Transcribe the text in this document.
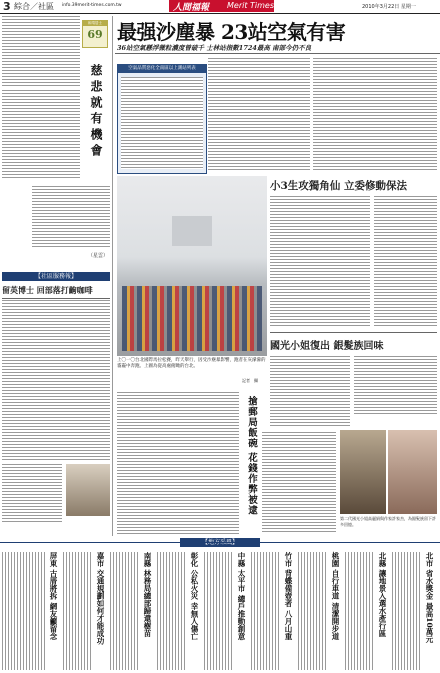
3 綜合／社區 info.39merit-times.com.tw	人間福報 Merit Times	2010年3月22日 星期一
和靖居士
69
慈悲就有機會
（星雲）
【社區服務報】
留英博士 回部落打齣咖啡
最强沙塵暴 23站空氣有害
36站空氣懸浮微粒濃度曾破千 士林站指數1724最高 南部今仍不良
空氣品質惡化全南區以上測站列表
上〇一〇台北國際馬拉松賽，昨天舉行，因受沙塵暴影響，跑者在灰濛濛的霧霾中奔跑。上圖為從高處俯瞰的台北。
記者　攝
小3生攻獨角仙 立委修動保法
國光小姐復出 銀髮族回味
第二代國光小姐高麗娟與作家許家杰，為銀髮族留下許多回憶。
搶郵局飯碗 花錢作弊被逮
北市 省水獎金 最高10萬元
北縣 讓地景入選水產行區
桃園 自行車道 清潔開步道
竹市 背蝶備壺者 八月山重
中縣 太平市 總戶推動創意
彰化 公私火災 幸無人傷亡
南縣 林務局總部歸還樹苗
嘉市 交通規劃如何才能成功
屏東 古厝將拆 網友籲留念
